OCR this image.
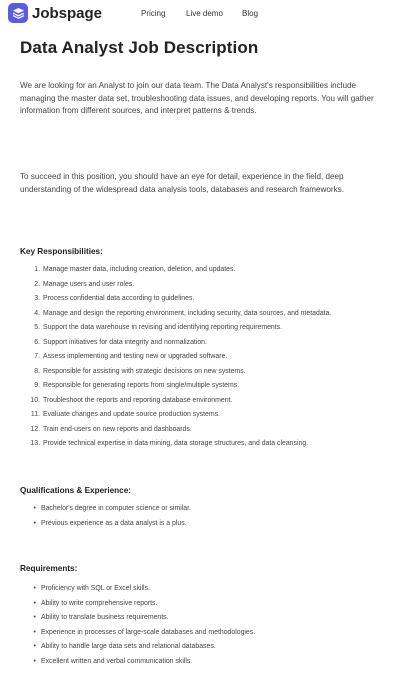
Jobspage	Pricing	Live demo Blog
Data Analyst Job Description

We are looking for an Analyst to join our data team. The Data Analyst's responsibilities include managing the master data set, troubleshooting data issues, and developing reports. You will gather information from different sources, and interpret patterns & trends.

To succeed in this position, you should have an eye for detail, experience in the field, deep understanding of the widespread data analysis tools, databases and research frameworks.

Key Responsibilities:
1. Manage master data, including creation, deletion, and updates.
2. Manage users and user roles.
3. Process confidential data according to guidelines.
4. Manage and design the reporting environment, including security, data sources, and metadata.
5. Support the data warehouse in revising and identifying reporting requirements.
6. Support initiatives for data integrity and normalization.
7. Assess implementing and testing new or upgraded software.
8. Responsible for assisting with strategic decisions on new systems.
9. Responsible for generating reports from single/multiple systems.
10. Troubleshoot the reports and reporting database environment.
11. Evaluate changes and update source production systems.
12. Train end-users on new reports and dashboards.
13. Provide technical expertise in data mining, data storage structures, and data cleansing.
Qualifications & Experience:
• Bachelor's degree in computer science or similar.
• Previous experience as a data analyst is a plus.
Requirements:
• Proficiency with SQL or Excel skills.
• Ability to write comprehensive reports.
• Ability to translate business requirements.
• Experience in processes of large-scale databases and methodologies.
• Ability to handle large data sets and relational databases.
• Excellent written and verbal communication skills.
